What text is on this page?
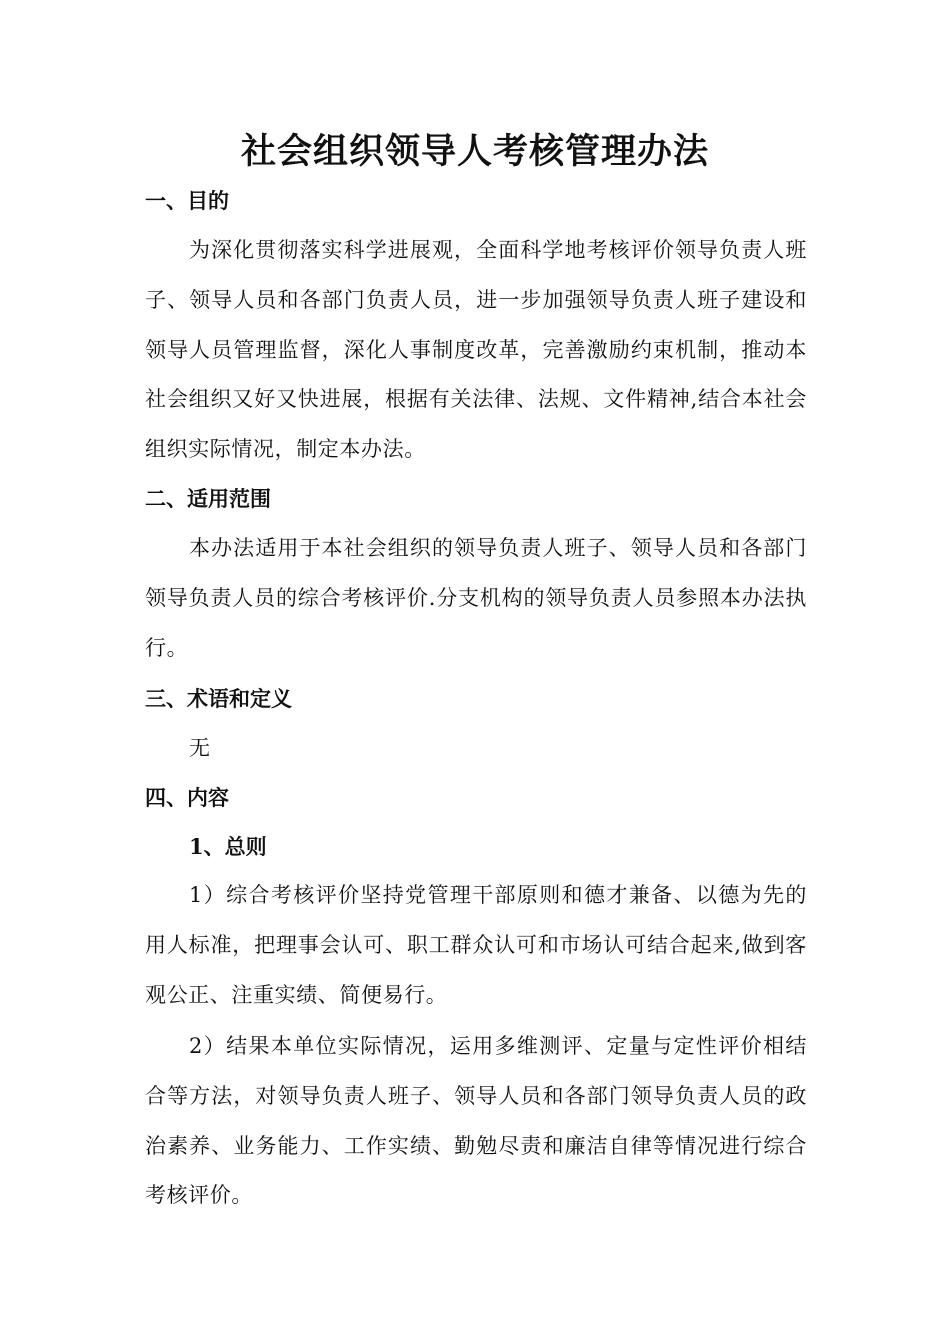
社会组织领导人考核管理办法
一、目的
为深化贯彻落实科学进展观，全面科学地考核评价领导负责人班子、领导人员和各部门负责人员，进一步加强领导负责人班子建设和领导人员管理监督，深化人事制度改革，完善激励约束机制，推动本社会组织又好又快进展，根据有关法律、法规、文件精神,结合本社会组织实际情况，制定本办法。
二、适用范围
本办法适用于本社会组织的领导负责人班子、领导人员和各部门领导负责人员的综合考核评价.分支机构的领导负责人员参照本办法执行。
三、术语和定义
无
四、内容
1、总则
1）综合考核评价坚持党管理干部原则和德才兼备、以德为先的用人标准，把理事会认可、职工群众认可和市场认可结合起来,做到客观公正、注重实绩、简便易行。
2）结果本单位实际情况，运用多维测评、定量与定性评价相结合等方法，对领导负责人班子、领导人员和各部门领导负责人员的政治素养、业务能力、工作实绩、勤勉尽责和廉洁自律等情况进行综合考核评价。
